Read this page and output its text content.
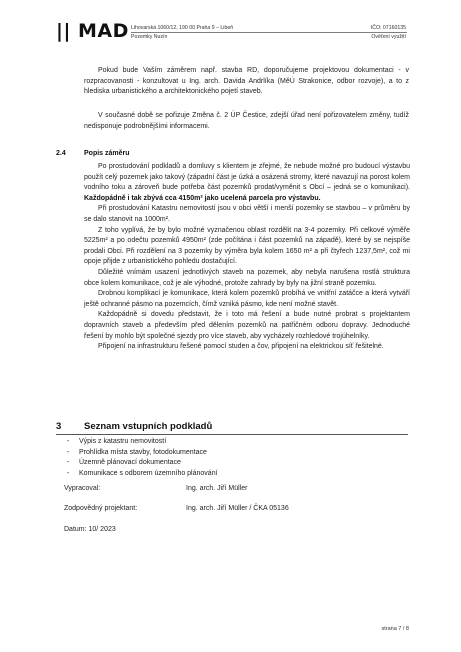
|| MAD Lihovarská 1060/12, 190 00 Praha 9 – Libeň	IČO: 07160135
Pozemky Nuzín	Ověření využití
Pokud bude Vaším záměrem např. stavba RD, doporučujeme projektovou dokumentaci - v rozpracovanosti - konzultovat u Ing. arch. Davida Andrlíka (MěÚ Strakonice, odbor rozvoje), a to z hlediska urbanistického a architektonického pojetí staveb.
V současné době se pořizuje Změna č. 2 ÚP Čestice, zdejší úřad není pořizovatelem změny, tudíž nedisponuje podrobnějšími informacemi.
2.4	Popis záměru
Po prostudování podkladů a domluvy s klientem je zřejmé, že nebude možné pro budoucí výstavbu použít celý pozemek jako takový (západní část je úzká a osázená stromy, které navazují na porost kolem vodního toku a zároveň bude potřeba část pozemků prodat/vyměnit s Obcí – jedná se o komunikaci). Každopádně i tak zbývá cca 4150m² jako ucelená parcela pro výstavbu.
Při prostudování Katastru nemovitostí jsou v obci větší i menší pozemky se stavbou – v průměru by se dalo stanovit na 1000m².
Z toho vyplívá, že by bylo možné vyznačenou oblast rozdělit na 3-4 pozemky. Při celkové výměře 5225m² a po odečtu pozemků 4950m² (zde počítána i část pozemků na západě), které by se nejspíše prodali Obci. Při rozdělení na 3 pozemky by výměra byla kolem 1650 m² a při čtyřech 1237,5m², což mi opoje přijde z urbanistického pohledu dostačující.
Důležité vnímám usazení jednotlivých staveb na pozemek, aby nebyla narušena rostlá struktura obce kolem komunikace, což je ale výhodné, protože zahrady by byly na jižní straně pozemku.
Drobnou komplikací je komunikace, která kolem pozemků probíhá ve vnitřní zatáčce a která vytváří ještě ochranné pásmo na pozemcích, čímž vzniká pásmo, kde není možné stavět.
Každopádně si dovedu představit, že i toto má řešení a bude nutné probrat s projektantem dopravních staveb a především před dělením pozemků na patřičném odboru dopravy. Jednoduché řešení by mohlo být společné sjezdy pro více staveb, aby vycházely rozhledové trojúhelníky.
Připojení na infrastrukturu řešené pomocí studen a čov, připojení na elektrickou síť řešitelné.
3 Seznam vstupních podkladů
-	Výpis z katastru nemovitostí
-	Prohlídka místa stavby, fotodokumentace
-	Územně plánovací dokumentace
-	Komunikace s odborem územního plánování
Vypracoval:	Ing. arch. Jiří Müller
Zodpovědný projektant:	Ing. arch. Jiří Müller / ČKA 05136
Datum: 10/ 2023
strana 7 / 8
